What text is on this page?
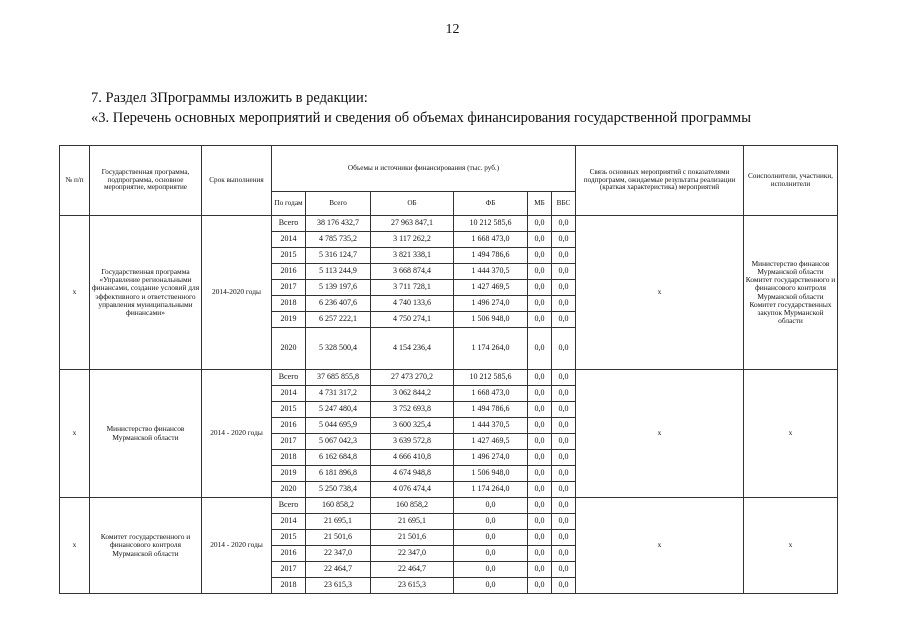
12
7. Раздел 3Программы изложить в редакции:
«3. Перечень основных мероприятий и сведения об объемах финансирования государственной программы
№ п/п	Государственная программа, подпрограмма, основное мероприятие, мероприятие	Срок выполнения	Объемы и источники финансирования (тыс. руб.)						Связь основных мероприятий с показателями подпрограмм, ожидаемые результаты реализации (краткая характеристика) мероприятий	Соисполнители, участники, исполнители
			По годам	Всего	ОБ	ФБ	МБ	ВБС		
х	Государственная программа «Управление региональными финансами, создание условий для эффективного и ответственного управления муниципальными финансами»	2014-2020 годы	Всего	38 176 432,7	27 963 847,1	10 212 585,6	0,0	0,0	х	Министерство финансов Мурманской области Комитет государственного и финансового контроля Мурманской области Комитет государственных закупок Мурманской области
			2014	4 785 735,2	3 117 262,2	1 668 473,0	0,0	0,0		
			2015	5 316 124,7	3 821 338,1	1 494 786,6	0,0	0,0		
			2016	5 113 244,9	3 668 874,4	1 444 370,5	0,0	0,0		
			2017	5 139 197,6	3 711 728,1	1 427 469,5	0,0	0,0		
			2018	6 236 407,6	4 740 133,6	1 496 274,0	0,0	0,0		
			2019	6 257 222,1	4 750 274,1	1 506 948,0	0,0	0,0		
			2020	5 328 500,4	4 154 236,4	1 174 264,0	0,0	0,0		
х	Министерство финансов Мурманской области	2014 - 2020 годы	Всего	37 685 855,8	27 473 270,2	10 212 585,6	0,0	0,0	х	х
			2014	4 731 317,2	3 062 844,2	1 668 473,0	0,0	0,0		
			2015	5 247 480,4	3 752 693,8	1 494 786,6	0,0	0,0		
			2016	5 044 695,9	3 600 325,4	1 444 370,5	0,0	0,0		
			2017	5 067 042,3	3 639 572,8	1 427 469,5	0,0	0,0		
			2018	6 162 684,8	4 666 410,8	1 496 274,0	0,0	0,0		
			2019	6 181 896,8	4 674 948,8	1 506 948,0	0,0	0,0		
			2020	5 250 738,4	4 076 474,4	1 174 264,0	0,0	0,0		
х	Комитет государственного и финансового контроля Мурманской области	2014 - 2020 годы	Всего	160 858,2	160 858,2	0,0	0,0	0,0	х	х
			2014	21 695,1	21 695,1	0,0	0,0	0,0		
			2015	21 501,6	21 501,6	0,0	0,0	0,0		
			2016	22 347,0	22 347,0	0,0	0,0	0,0		
			2017	22 464,7	22 464,7	0,0	0,0	0,0		
			2018	23 615,3	23 615,3	0,0	0,0	0,0		
